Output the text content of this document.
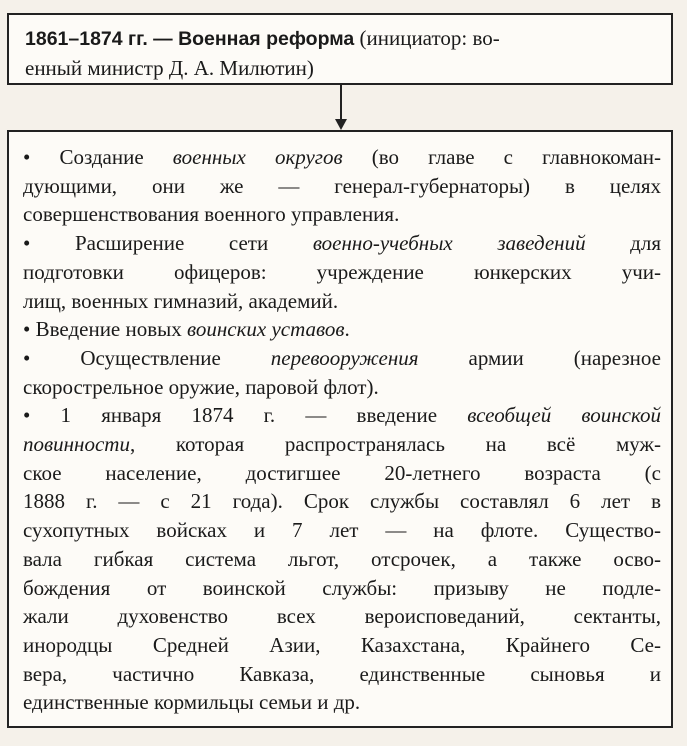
1861–1874 гг. — Военная реформа (инициатор: во-
енный министр Д. А. Милютин)
• Создание военных округов (во главе с главнокоман-
дующими, они же — генерал-губернаторы) в целях
совершенствования военного управления.
• Расширение сети военно-учебных заведений для
подготовки офицеров: учреждение юнкерских учи-
лищ, военных гимназий, академий.
• Введение новых воинских уставов.
• Осуществление перевооружения армии (нарезное
скорострельное оружие, паровой флот).
• 1 января 1874 г. — введение всеобщей воинской
повинности, которая распространялась на всё муж-
ское население, достигшее 20-летнего возраста (с
1888 г. — с 21 года). Срок службы составлял 6 лет в
сухопутных войсках и 7 лет — на флоте. Существо-
вала гибкая система льгот, отсрочек, а также осво-
бождения от воинской службы: призыву не подле-
жали духовенство всех вероисповеданий, сектанты,
инородцы Средней Азии, Казахстана, Крайнего Се-
вера, частично Кавказа, единственные сыновья и
единственные кормильцы семьи и др.
